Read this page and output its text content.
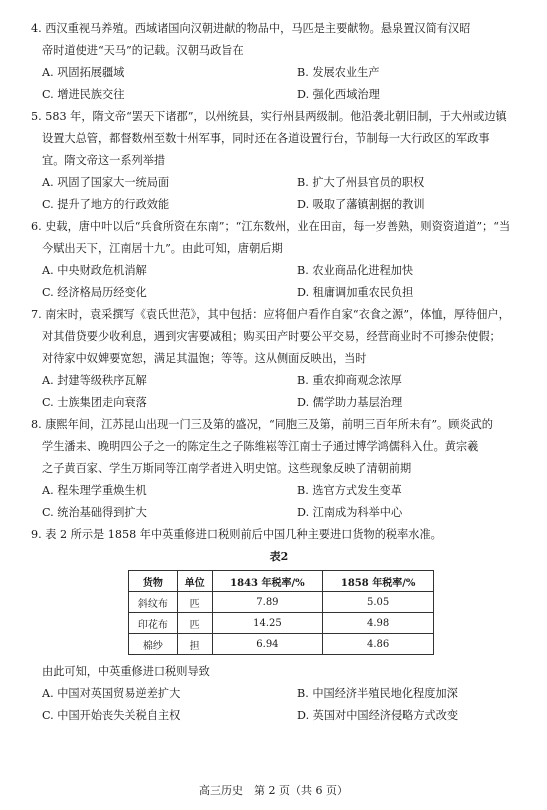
4. 西汉重视马养殖。西域诸国向汉朝进献的物品中，马匹是主要献物。悬泉置汉简有汉昭

帝时道使进“天马”的记载。汉朝马政旨在

A. 巩固拓展疆域	B. 发展农业生产
C. 增进民族交往	D. 强化西域治理

5. 583 年，隋文帝“罢天下诸郡”，以州统县，实行州县两级制。他沿袭北朝旧制，于大州或边镇

设置大总管，都督数州至数十州军事，同时还在各道设置行台，节制每一大行政区的军政事

宜。隋文帝这一系列举措

A. 巩固了国家大一统局面	B. 扩大了州县官员的职权
C. 提升了地方的行政效能	D. 吸取了藩镇割据的教训

6. 史载，唐中叶以后“兵食所资在东南”；“江东数州，业在田亩，每一岁善熟，则资资道道”；“当

今赋出天下，江南居十九”。由此可知，唐朝后期

A. 中央财政危机消解	B. 农业商品化进程加快
C. 经济格局历经变化	D. 租庸调加重农民负担

7. 南宋时，袁采撰写《袁氏世范》，其中包括：应将佃户看作自家“衣食之源”，体恤，厚待佃户，

对其借贷要少收利息，遇到灾害要减租；购买田产时要公平交易，经营商业时不可掺杂使假；

对待家中奴婢要宽恕，满足其温饱；等等。这从侧面反映出，当时

A. 封建等级秩序瓦解	B. 重农抑商观念浓厚
C. 士族集团走向衰落	D. 儒学助力基层治理

8. 康熙年间，江苏昆山出现一门三及第的盛况，“同胞三及第，前明三百年所未有”。顾炎武的

学生潘耒、晚明四公子之一的陈定生之子陈维崧等江南士子通过博学鸿儒科入仕。黄宗羲

之子黄百家、学生万斯同等江南学者进入明史馆。这些现象反映了清朝前期

A. 程朱理学重焕生机	B. 选官方式发生变革
C. 统治基础得到扩大	D. 江南成为科举中心

9. 表 2 所示是 1858 年中英重修进口税则前后中国几种主要进口货物的税率水准。

表2
货物	单位	1843 年税率/%	1858 年税率/%
斜纹布	匹	7.89	5.05
印花布	匹	14.25	4.98
棉纱	担	6.94	4.86

由此可知，中英重修进口税则导致

A. 中国对英国贸易逆差扩大	B. 中国经济半殖民地化程度加深
C. 中国开始丧失关税自主权	D. 英国对中国经济侵略方式改变
高三历史　第 2 页（共 6 页）
